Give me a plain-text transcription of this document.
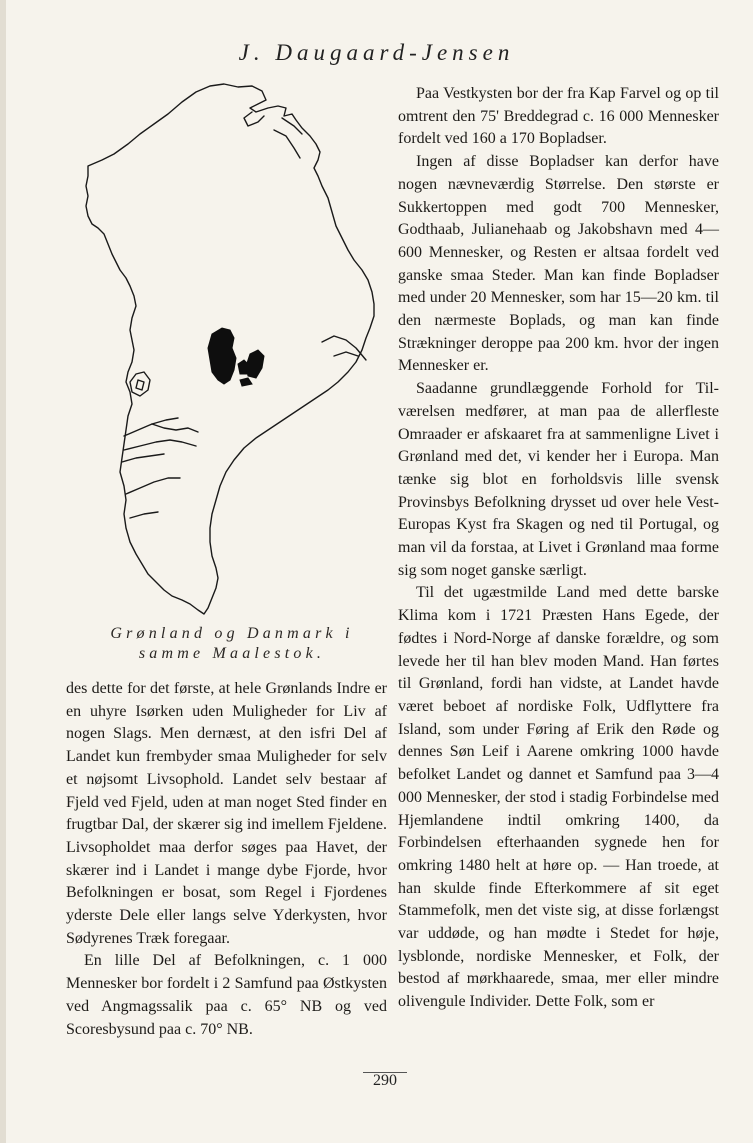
J. Daugaard-Jensen
Grønland og Danmark i
samme Maalestok.

des dette for det første, at hele Grønlands Indre er en uhyre Isørken uden Muligheder for Liv af nogen Slags. Men dernæst, at den isfri Del af Landet kun frembyder smaa Muligheder for selv et nøjsomt Livsophold. Landet selv bestaar af Fjeld ved Fjeld, uden at man noget Sted finder en frugtbar Dal, der skærer sig ind imellem Fjeldene. Livsopholdet maa derfor søges paa Havet, der skærer ind i Landet i mange dybe Fjorde, hvor Befolkningen er bosat, som Regel i Fjordenes yderste Dele eller langs selve Yderkysten, hvor Sødyrenes Træk foregaar.

En lille Del af Befolkningen, c. 1 000 Mennesker bor fordelt i 2 Samfund paa Østkysten ved Angmagssalik paa c. 65° NB og ved Scoresbysund paa c. 70° NB.

Paa Vestkysten bor der fra Kap Farvel og op til omtrent den 75' Breddegrad c. 16 000 Mennesker fordelt ved 160 a 170 Bopladser.

Ingen af disse Bopladser kan derfor have nogen nævneværdig Størrelse. Den største er Sukkertoppen med godt 700 Mennesker, Godthaab, Julianehaab og Jakobshavn med 4—600 Mennesker, og Resten er altsaa fordelt ved ganske smaa Steder. Man kan finde Bopladser med under 20 Mennesker, som har 15—20 km. til den nærmeste Boplads, og man kan finde Strækninger deroppe paa 200 km. hvor der ingen Mennesker er.

Saadanne grundlæggende Forhold for Tilværelsen medfører, at man paa de allerfleste Omraader er afskaaret fra at sammenligne Livet i Grønland med det, vi kender her i Europa. Man tænke sig blot en forholdsvis lille svensk Provinsbys Befolkning drysset ud over hele Vest-Europas Kyst fra Skagen og ned til Portugal, og man vil da forstaa, at Livet i Grønland maa forme sig som noget ganske særligt.

Til det ugæstmilde Land med dette barske Klima kom i 1721 Præsten Hans Egede, der fødtes i Nord-Norge af danske forældre, og som levede her til han blev moden Mand. Han førtes til Grønland, fordi han vidste, at Landet havde været beboet af nordiske Folk, Udflyttere fra Island, som under Føring af Erik den Røde og dennes Søn Leif i Aarene omkring 1000 havde befolket Landet og dannet et Samfund paa 3—4 000 Mennesker, der stod i stadig Forbindelse med Hjemlandene indtil omkring 1400, da Forbindelsen efterhaanden sygnede hen for omkring 1480 helt at høre op. — Han troede, at han skulde finde Efterkommere af sit eget Stammefolk, men det viste sig, at disse forlængst var uddøde, og han mødte i Stedet for høje, lysblonde, nordiske Mennesker, et Folk, der bestod af mørkhaarede, smaa, mer eller mindre olivengule Individer. Dette Folk, som er

290
